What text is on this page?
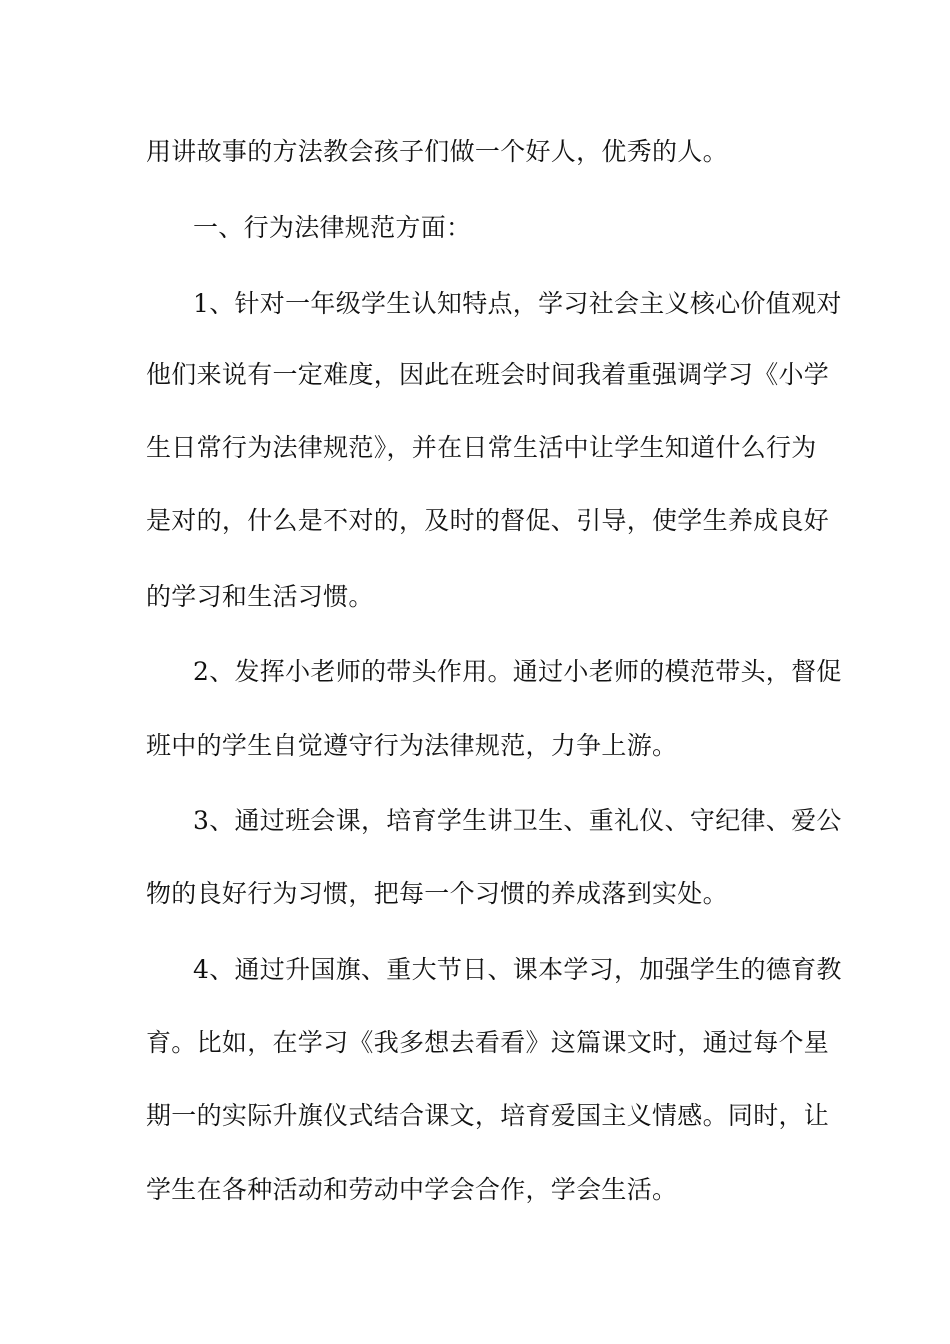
用讲故事的方法教会孩子们做一个好人，优秀的人。
一、行为法律规范方面：
1、针对一年级学生认知特点，学习社会主义核心价值观对
他们来说有一定难度，因此在班会时间我着重强调学习《小学
生日常行为法律规范》，并在日常生活中让学生知道什么行为
是对的，什么是不对的，及时的督促、引导，使学生养成良好
的学习和生活习惯。
2、发挥小老师的带头作用。通过小老师的模范带头，督促
班中的学生自觉遵守行为法律规范，力争上游。
3、通过班会课，培育学生讲卫生、重礼仪、守纪律、爱公
物的良好行为习惯，把每一个习惯的养成落到实处。
4、通过升国旗、重大节日、课本学习，加强学生的德育教
育。比如，在学习《我多想去看看》这篇课文时，通过每个星
期一的实际升旗仪式结合课文，培育爱国主义情感。同时，让
学生在各种活动和劳动中学会合作，学会生活。
